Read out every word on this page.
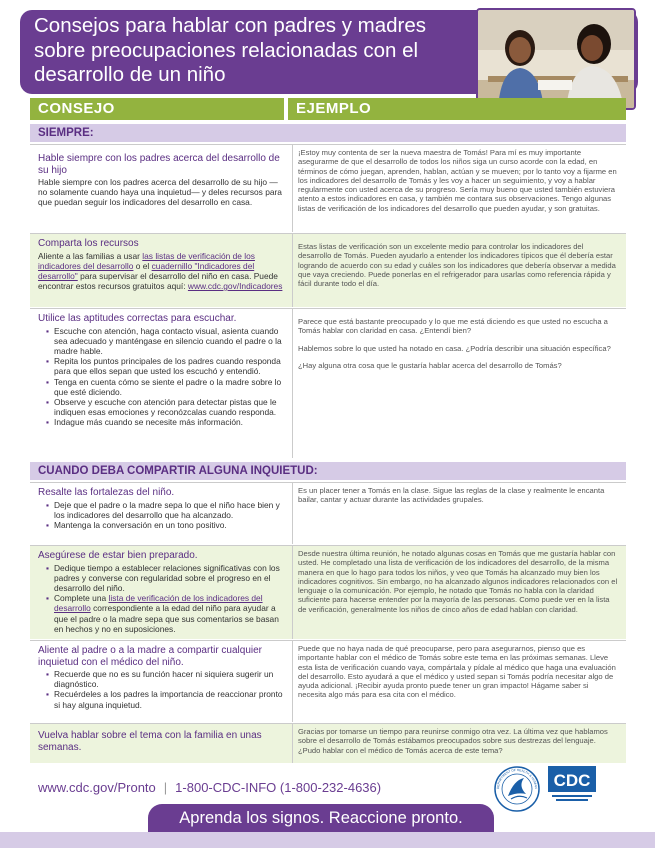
Consejos para hablar con padres y madres sobre preocupaciones relacionadas con el desarrollo de un niño
CONSEJO	EJEMPLO
SIEMPRE:
Hable siempre con los padres acerca del desarrollo de su hijo
Hable siempre con los padres acerca del desarrollo de su hijo —no solamente cuando haya una inquietud— y deles recursos para que puedan seguir los indicadores del desarrollo en casa.

¡Estoy muy contenta de ser la nueva maestra de Tomás! Para mí es muy importante asegurarme de que el desarrollo de todos los niños siga un curso acorde con la edad, en términos de cómo juegan, aprenden, hablan, actúan y se mueven; por lo tanto voy a fijarme en los indicadores del desarrollo de Tomás y les voy a hacer un seguimiento, y voy a hablar regularmente con usted acerca de su progreso. Sería muy bueno que usted también estuviera atento a estos indicadores en casa, y también me contara sus observaciones. Tengo algunas listas de verificación de los indicadores del desarrollo que pueden ayudar, y son gratuitas.

Comparta los recursos
Aliente a las familias a usar las listas de verificación de los indicadores del desarrollo o el cuadernillo "Indicadores del desarrollo" para supervisar el desarrollo del niño en casa. Puede encontrar estos recursos gratuitos aquí: www.cdc.gov/Indicadores

Estas listas de verificación son un excelente medio para controlar los indicadores del desarrollo de Tomás. Pueden ayudarlo a entender los indicadores típicos que él debería estar logrando de acuerdo con su edad y cuáles son los indicadores que debería observar a medida que vaya creciendo. Puede ponerlas en el refrigerador para usarlas como referencia rápida y fácil durante todo el día.

Utilice las aptitudes correctas para escuchar.
▪ Escuche con atención, haga contacto visual, asienta cuando sea adecuado y manténgase en silencio cuando el padre o la madre hable.
▪ Repita los puntos principales de los padres cuando responda para que ellos sepan que usted los escuchó y entendió.
▪ Tenga en cuenta cómo se siente el padre o la madre sobre lo que esté diciendo.
▪ Observe y escuche con atención para detectar pistas que le indiquen esas emociones y reconózcalas cuando responda.
▪ Indague más cuando se necesite más información.

Parece que está bastante preocupado y lo que me está diciendo es que usted no escucha a Tomás hablar con claridad en casa. ¿Entendí bien?

Hablemos sobre lo que usted ha notado en casa. ¿Podría describir una situación específica?

¿Hay alguna otra cosa que le gustaría hablar acerca del desarrollo de Tomás?

CUANDO DEBA COMPARTIR ALGUNA INQUIETUD:
Resalte las fortalezas del niño.
▪ Deje que el padre o la madre sepa lo que el niño hace bien y los indicadores del desarrollo que ha alcanzado.
▪ Mantenga la conversación en un tono positivo.

Es un placer tener a Tomás en la clase. Sigue las reglas de la clase y realmente le encanta bailar, cantar y actuar durante las actividades grupales.

Asegúrese de estar bien preparado.
▪ Dedique tiempo a establecer relaciones significativas con los padres y converse con regularidad sobre el progreso en el desarrollo del niño.
▪ Complete una lista de verificación de los indicadores del desarrollo correspondiente a la edad del niño para ayudar a que el padre o la madre sepa que sus comentarios se basan en hechos y no en suposiciones.

Desde nuestra última reunión, he notado algunas cosas en Tomás que me gustaría hablar con usted. He completado una lista de verificación de los indicadores del desarrollo, de la misma manera en que lo hago para todos los niños, y veo que Tomás ha alcanzado muy bien los indicadores cognitivos. Sin embargo, no ha alcanzado algunos indicadores relacionados con el lenguaje o la comunicación. Por ejemplo, he notado que Tomás no habla con la claridad suficiente para hacerse entender por la mayoría de las personas. Como puede ver en la lista de verificación, generalmente los niños de cinco años de edad hablan con claridad.

Aliente al padre o a la madre a compartir cualquier inquietud con el médico del niño.
▪ Recuerde que no es su función hacer ni siquiera sugerir un diagnóstico.
▪ Recuérdeles a los padres la importancia de reaccionar pronto si hay alguna inquietud.

Puede que no haya nada de qué preocuparse, pero para asegurarnos, pienso que es importante hablar con el médico de Tomás sobre este tema en las próximas semanas. Lleve esta lista de verificación cuando vaya, compártala y pídale al médico que haga una evaluación del desarrollo. Esto ayudará a que el médico y usted sepan si Tomás podría necesitar algo de ayuda adicional. ¡Recibir ayuda pronto puede tener un gran impacto! Hágame saber si necesita algo más para esa cita con el médico.

Vuelva hablar sobre el tema con la familia en unas semanas.

Gracias por tomarse un tiempo para reunirse conmigo otra vez. La última vez que hablamos sobre el desarrollo de Tomás estábamos preocupados sobre sus destrezas del lenguaje. ¿Pudo hablar con el médico de Tomás acerca de este tema?

www.cdc.gov/Pronto | 1-800-CDC-INFO (1-800-232-4636)	DEPARTMENT OF HEALTH & HUMAN CDC
Aprenda los signos. Reaccione pronto.
